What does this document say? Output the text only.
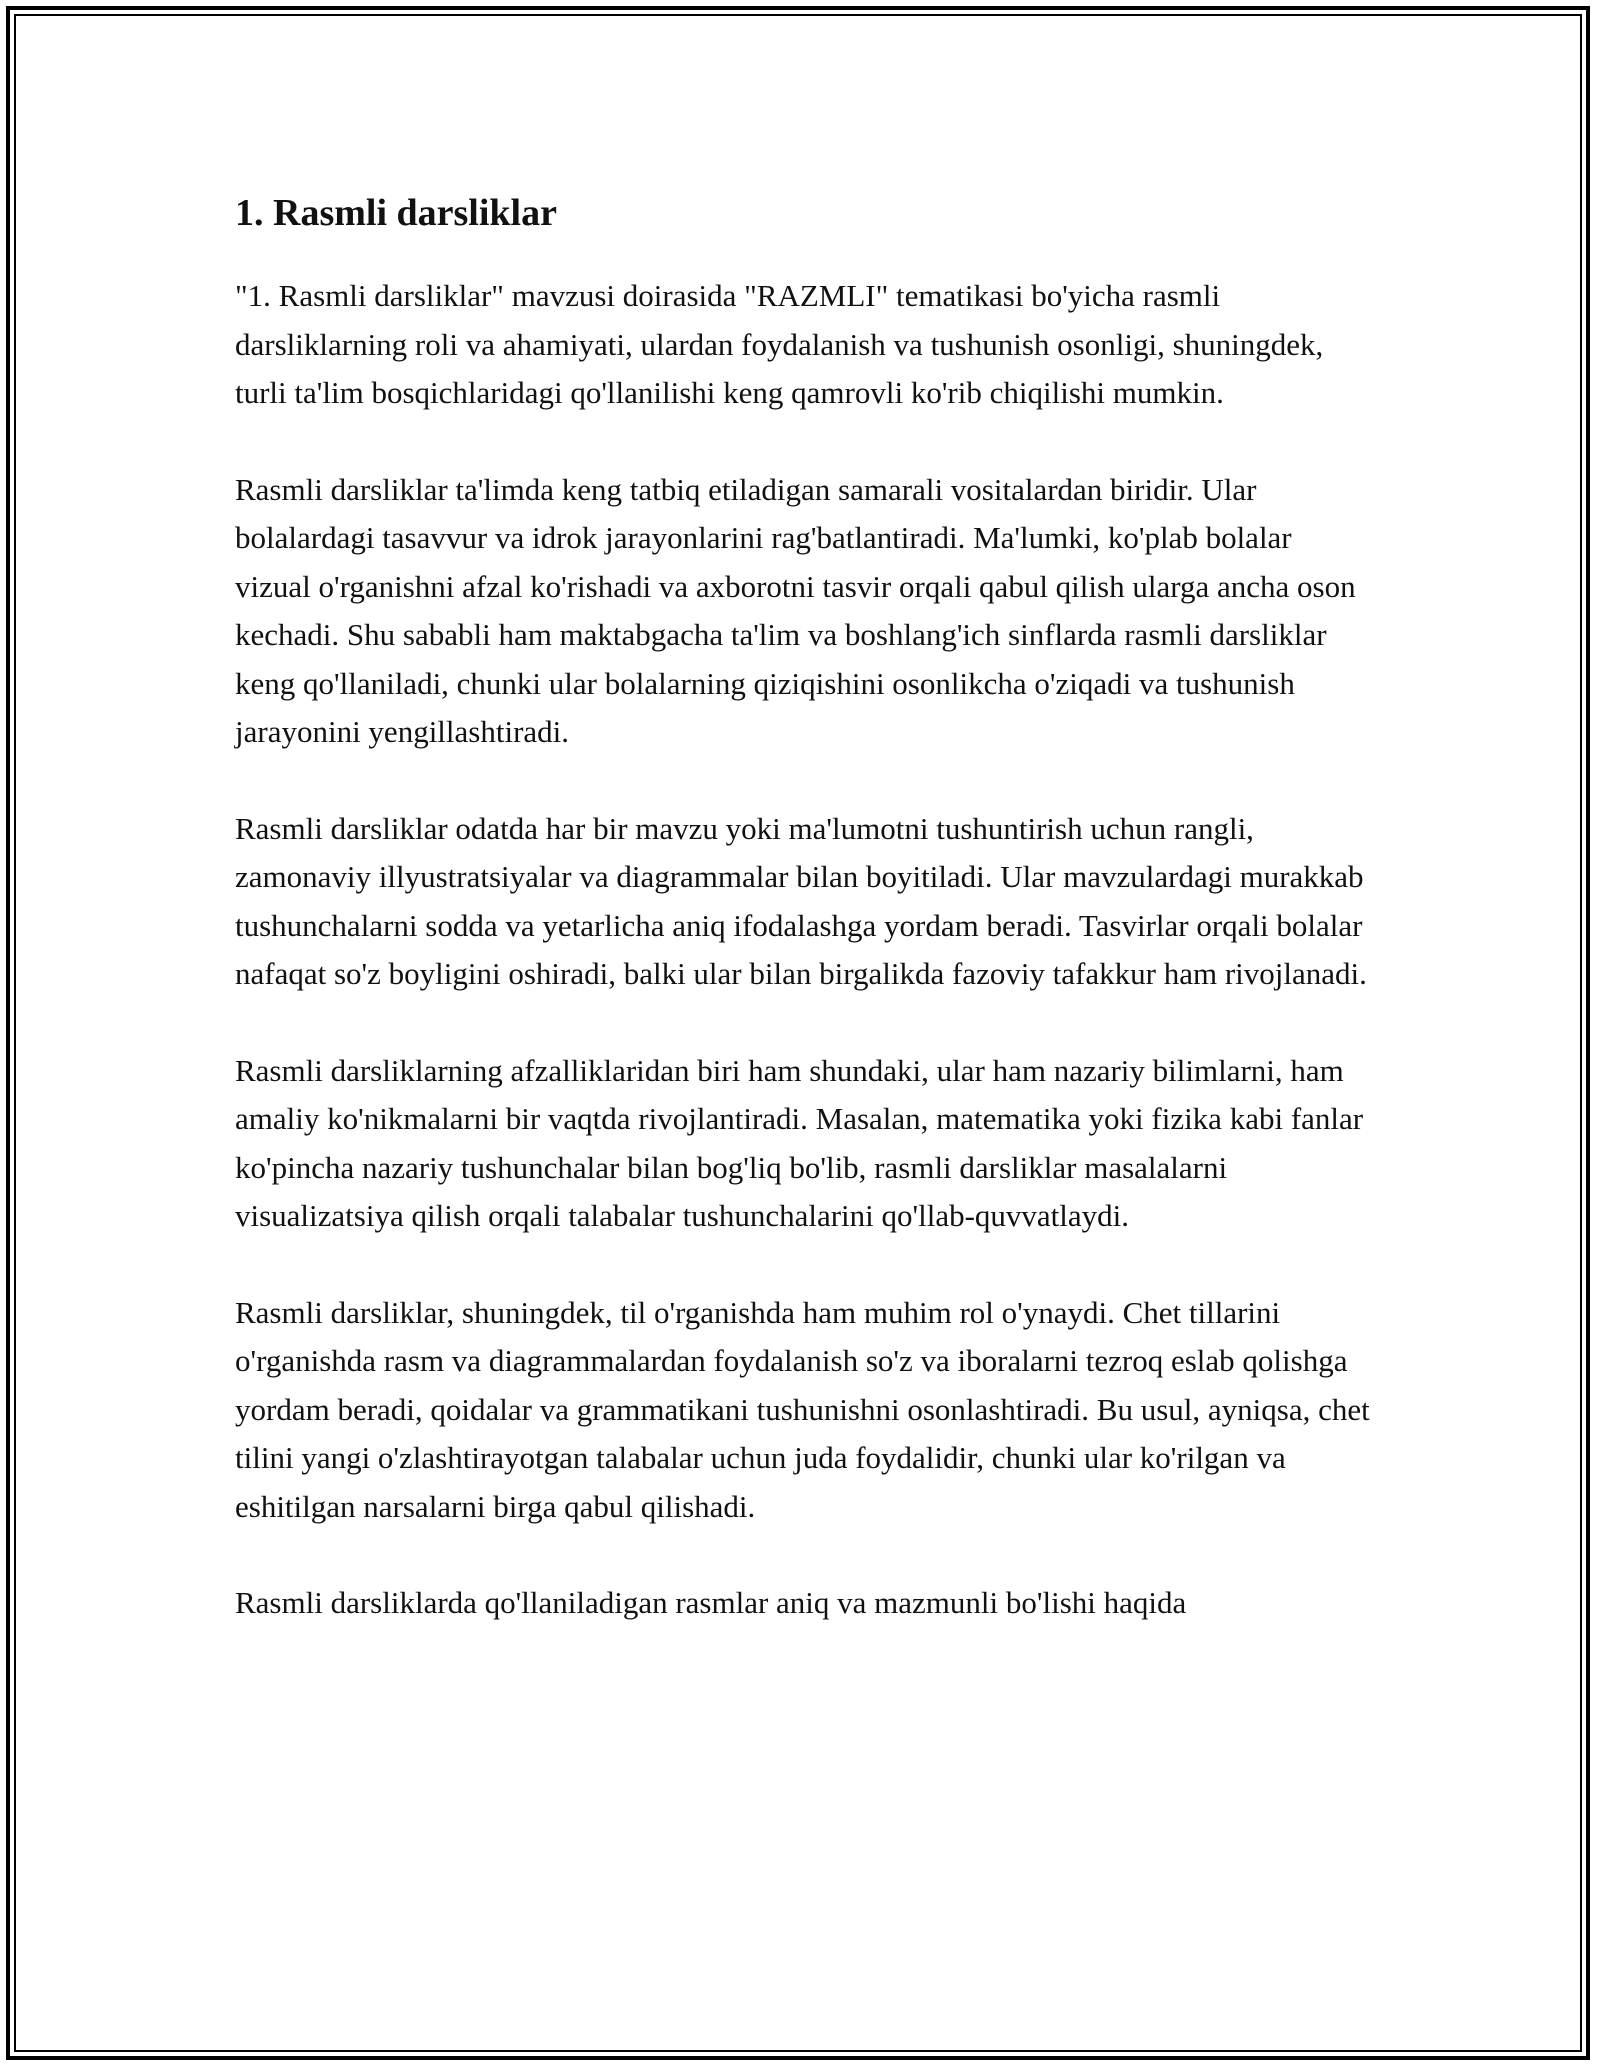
1. Rasmli darsliklar

"1. Rasmli darsliklar" mavzusi doirasida "RAZMLI" tematikasi bo'yicha rasmli darsliklarning roli va ahamiyati, ulardan foydalanish va tushunish osonligi, shuningdek, turli ta'lim bosqichlaridagi qo'llanilishi keng qamrovli ko'rib chiqilishi mumkin.

Rasmli darsliklar ta'limda keng tatbiq etiladigan samarali vositalardan biridir. Ular bolalardagi tasavvur va idrok jarayonlarini rag'batlantiradi. Ma'lumki, ko'plab bolalar vizual o'rganishni afzal ko'rishadi va axborotni tasvir orqali qabul qilish ularga ancha oson kechadi. Shu sababli ham maktabgacha ta'lim va boshlang'ich sinflarda rasmli darsliklar keng qo'llaniladi, chunki ular bolalarning qiziqishini osonlikcha o'ziqadi va tushunish jarayonini yengillashtiradi.

Rasmli darsliklar odatda har bir mavzu yoki ma'lumotni tushuntirish uchun rangli, zamonaviy illyustratsiyalar va diagrammalar bilan boyitiladi. Ular mavzulardagi murakkab tushunchalarni sodda va yetarlicha aniq ifodalashga yordam beradi. Tasvirlar orqali bolalar nafaqat so'z boyligini oshiradi, balki ular bilan birgalikda fazoviy tafakkur ham rivojlanadi.

Rasmli darsliklarning afzalliklaridan biri ham shundaki, ular ham nazariy bilimlarni, ham amaliy ko'nikmalarni bir vaqtda rivojlantiradi. Masalan, matematika yoki fizika kabi fanlar ko'pincha nazariy tushunchalar bilan bog'liq bo'lib, rasmli darsliklar masalalarni visualizatsiya qilish orqali talabalar tushunchalarini qo'llab-quvvatlaydi.

Rasmli darsliklar, shuningdek, til o'rganishda ham muhim rol o'ynaydi. Chet tillarini o'rganishda rasm va diagrammalardan foydalanish so'z va iboralarni tezroq eslab qolishga yordam beradi, qoidalar va grammatikani tushunishni osonlashtiradi. Bu usul, ayniqsa, chet tilini yangi o'zlashtirayotgan talabalar uchun juda foydalidir, chunki ular ko'rilgan va eshitilgan narsalarni birga qabul qilishadi.

Rasmli darsliklarda qo'llaniladigan rasmlar aniq va mazmunli bo'lishi haqida
